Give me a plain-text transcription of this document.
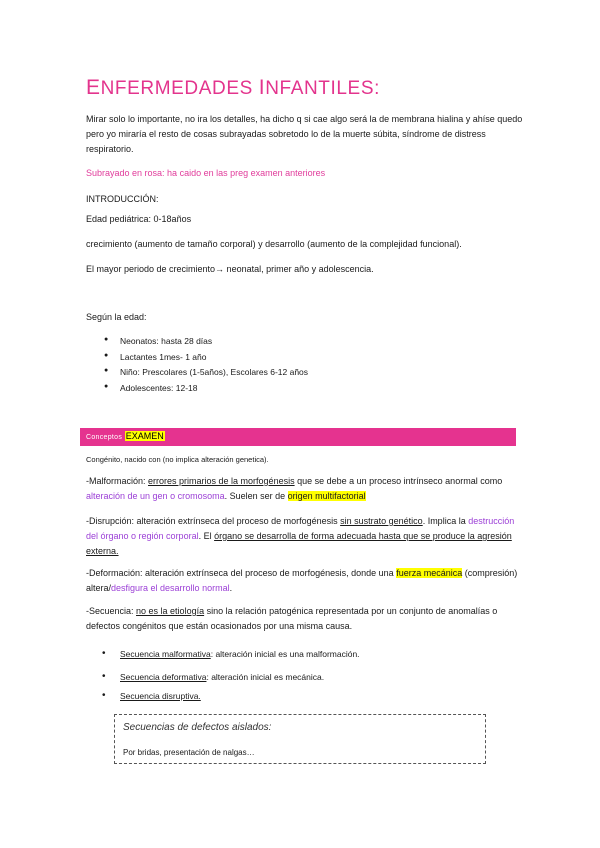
ENFERMEDADES INFANTILES:

Mirar solo lo importante, no ira los detalles, ha dicho q si cae algo será la de membrana hialina y ahíse quedo pero yo miraría el resto de cosas subrayadas sobretodo lo de la muerte súbita, síndrome de distress respiratorio.

Subrayado en rosa: ha caido en las preg examen anteriores

INTRODUCCIÓN:

Edad pediátrica: 0-18años

crecimiento (aumento de tamaño corporal) y desarrollo (aumento de la complejidad funcional).

El mayor periodo de crecimiento→ neonatal, primer año y adolescencia.

Según la edad:

● Neonatos: hasta 28 días
● Lactantes 1mes- 1 año
● Niño: Prescolares (1-5años), Escolares 6-12 años
● Adolescentes: 12-18
Conceptos EXAMEN

Congénito, nacido con (no implica alteración genetica).

-Malformación: errores primarios de la morfogénesis que se debe a un proceso intrínseco anormal como alteración de un gen o cromosoma. Suelen ser de origen multifactorial

-Disrupción: alteración extrínseca del proceso de morfogénesis sin sustrato genético. Implica la destrucción del órgano o región corporal. El órgano se desarrolla de forma adecuada hasta que se produce la agresión externa.

-Deformación: alteración extrínseca del proceso de morfogénesis, donde una fuerza mecánica (compresión) altera/desfigura el desarrollo normal.

-Secuencia: no es la etiología sino la relación patogénica representada por un conjunto de anomalías o defectos congénitos que están ocasionados por una misma causa.

• Secuencia malformativa: alteración inicial es una malformación.
• Secuencia deformativa: alteración inicial es mecánica.
• Secuencia disruptiva.
Secuencias de defectos aislados:
Por bridas, presentación de nalgas…
